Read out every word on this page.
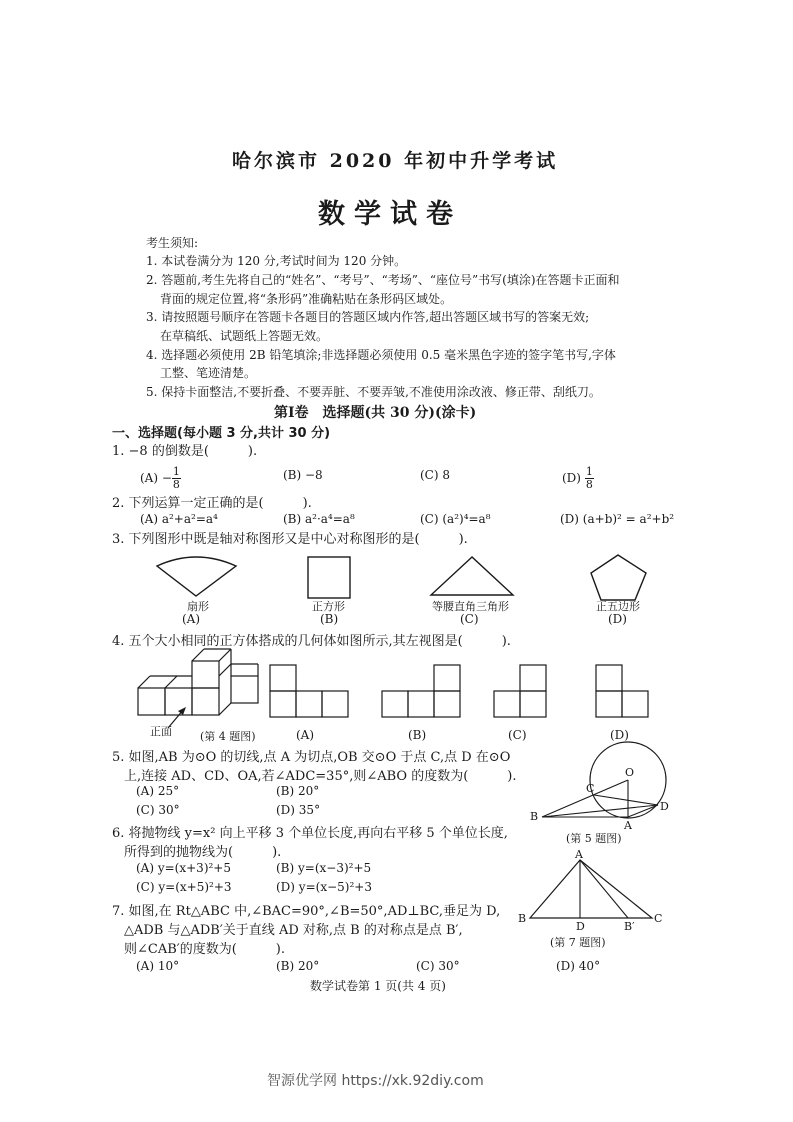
哈尔滨市 2020 年初中升学考试
数学试卷
考生须知:
1. 本试卷满分为 120 分,考试时间为 120 分钟。
2. 答题前,考生先将自己的“姓名”、“考号”、“考场”、“座位号”书写(填涂)在答题卡正面和
背面的规定位置,将“条形码”准确粘贴在条形码区域处。
3. 请按照题号顺序在答题卡各题目的答题区域内作答,超出答题区域书写的答案无效;
在草稿纸、试题纸上答题无效。
4. 选择题必须使用 2B 铅笔填涂;非选择题必须使用 0.5 毫米黑色字迹的签字笔书写,字体
工整、笔迹清楚。
5. 保持卡面整洁,不要折叠、不要弄脏、不要弄皱,不准使用涂改液、修正带、刮纸刀。
第Ⅰ卷　选择题(共 30 分)(涂卡)
一、选择题(每小题 3 分,共计 30 分)
1. −8 的倒数是(　　　).
$(A) - \frac{1}{8}$	(B) −8	(C) 8	$(D) \frac{1}{8}$
2. 下列运算一定正确的是(　　　).
(A) a²+a²=a⁴	(B) a²·a⁴=a⁸	(C) (a²)⁴=a⁸	(D) (a+b)² = a²+b²
3. 下列图形中既是轴对称图形又是中心对称图形的是(　　　).
扇形	正方形	等腰直角三角形	正五边形
(A)	(B)	(C)	(D)
4. 五个大小相同的正方体搭成的几何体如图所示,其左视图是(　　　).
正面	(第 4 题图)	(A)	(B)	(C)	(D)
5. 如图,AB 为⊙O 的切线,点 A 为切点,OB 交⊙O 于点 C,点 D 在⊙O
上,连接 AD、CD、OA,若∠ADC=35°,则∠ABO 的度数为(　　　).
(A) 25°	(B) 20°
(C) 30°	(D) 35°
O
C
B
A
D
(第 5 题图)
6. 将抛物线 y=x² 向上平移 3 个单位长度,再向右平移 5 个单位长度,
所得到的抛物线为(　　　).
(A) y=(x+3)²+5	(B) y=(x−3)²+5
(C) y=(x+5)²+3	(D) y=(x−5)²+3
A
B
D	B′
C
(第 7 题图)
7. 如图,在 Rt△ABC 中,∠BAC=90°,∠B=50°,AD⊥BC,垂足为 D,
△ADB 与△ADB′关于直线 AD 对称,点 B 的对称点是点 B′,
则∠CAB′的度数为(　　　).
(A) 10°	(B) 20°	(C) 30°	(D) 40°
数学试卷第 1 页(共 4 页)
智源优学网 https://xk.92diy.com
